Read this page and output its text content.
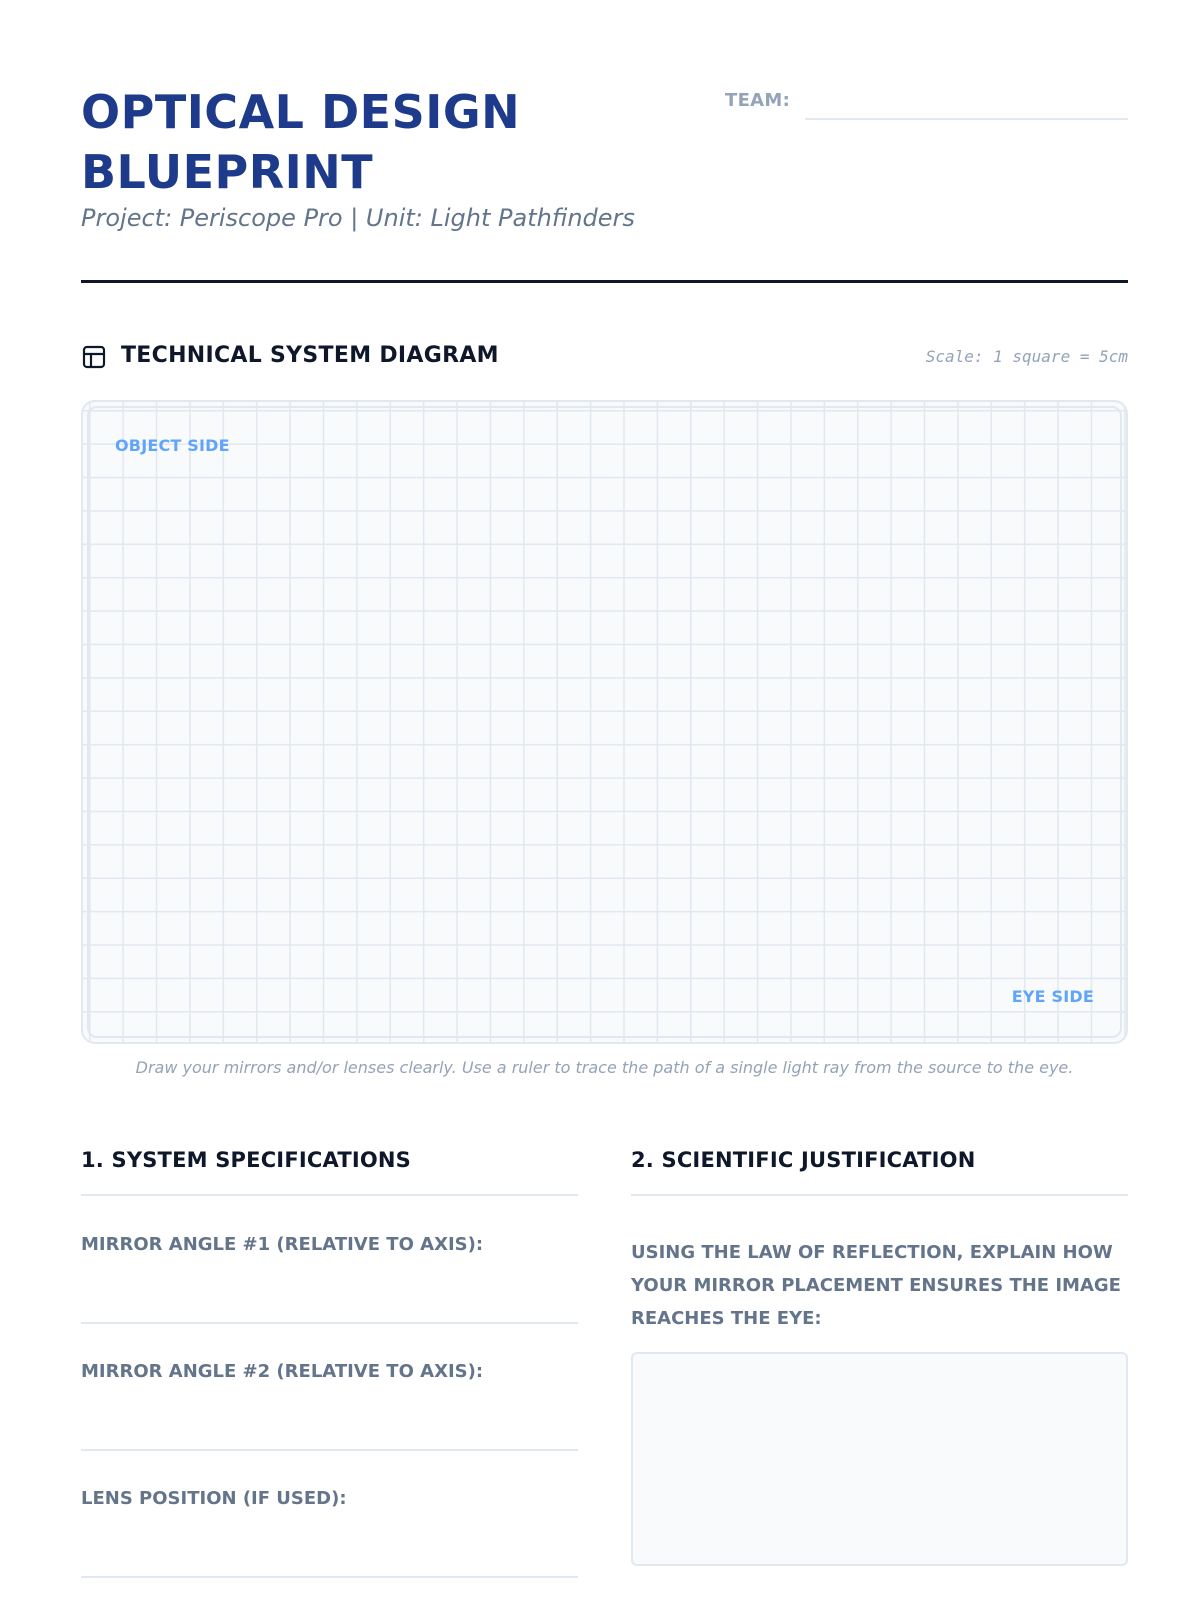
OPTICAL DESIGN
BLUEPRINT
Project: Periscope Pro | Unit: Light Pathfinders
TEAM:
TECHNICAL SYSTEM DIAGRAM	Scale: 1 square = 5cm
OBJECT SIDE
EYE SIDE
Draw your mirrors and/or lenses clearly. Use a ruler to trace the path of a single light ray from the source to the eye.
1. SYSTEM SPECIFICATIONS
MIRROR ANGLE #1 (RELATIVE TO AXIS):
MIRROR ANGLE #2 (RELATIVE TO AXIS):
LENS POSITION (IF USED):
2. SCIENTIFIC JUSTIFICATION
USING THE LAW OF REFLECTION, EXPLAIN HOW YOUR MIRROR PLACEMENT ENSURES THE IMAGE REACHES THE EYE:
